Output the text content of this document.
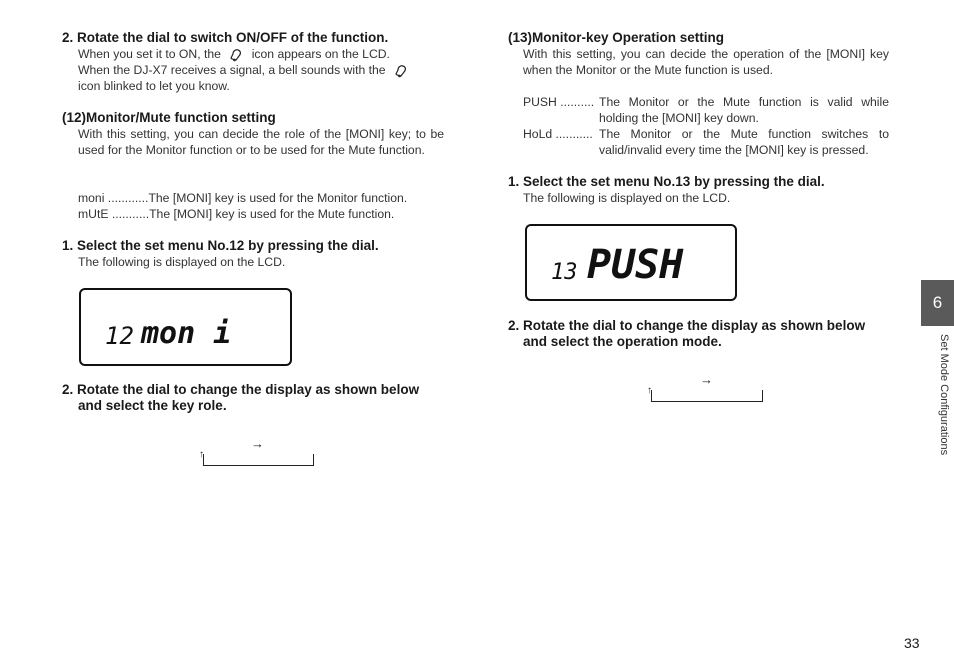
2. Rotate the dial to switch ON/OFF of the function.
When you set it to ON, the	icon appears on the LCD.
When the DJ-X7 receives a signal, a bell sounds with the
icon blinked to let you know.
(12)Monitor/Mute function setting
With this setting, you can decide the role of the [MONI] key; to be used for the Monitor function or to be used for the Mute function.
moni ............ The [MONI] key is used for the Monitor function.
mUtE ........... The [MONI] key is used for the Mute function.
1. Select the set menu No.12 by pressing the dial.
The following is displayed on the LCD.
12 mon i
2. Rotate the dial to change the display as shown below
and select the key role.
→
↑
(13)Monitor-key Operation setting
With this setting, you can decide the operation of the [MONI] key when the Monitor or the Mute function is used.
PUSH .......... The Monitor or the Mute function is valid while holding the [MONI] key down.
HoLd ........... The Monitor or the Mute function switches to valid/invalid every time the [MONI] key is pressed.
1. Select the set menu No.13 by pressing the dial.
The following is displayed on the LCD.
13 PUSH
2. Rotate the dial to change the display as shown below
and select the operation mode.
→
↑
6
Set Mode Configurations
33
